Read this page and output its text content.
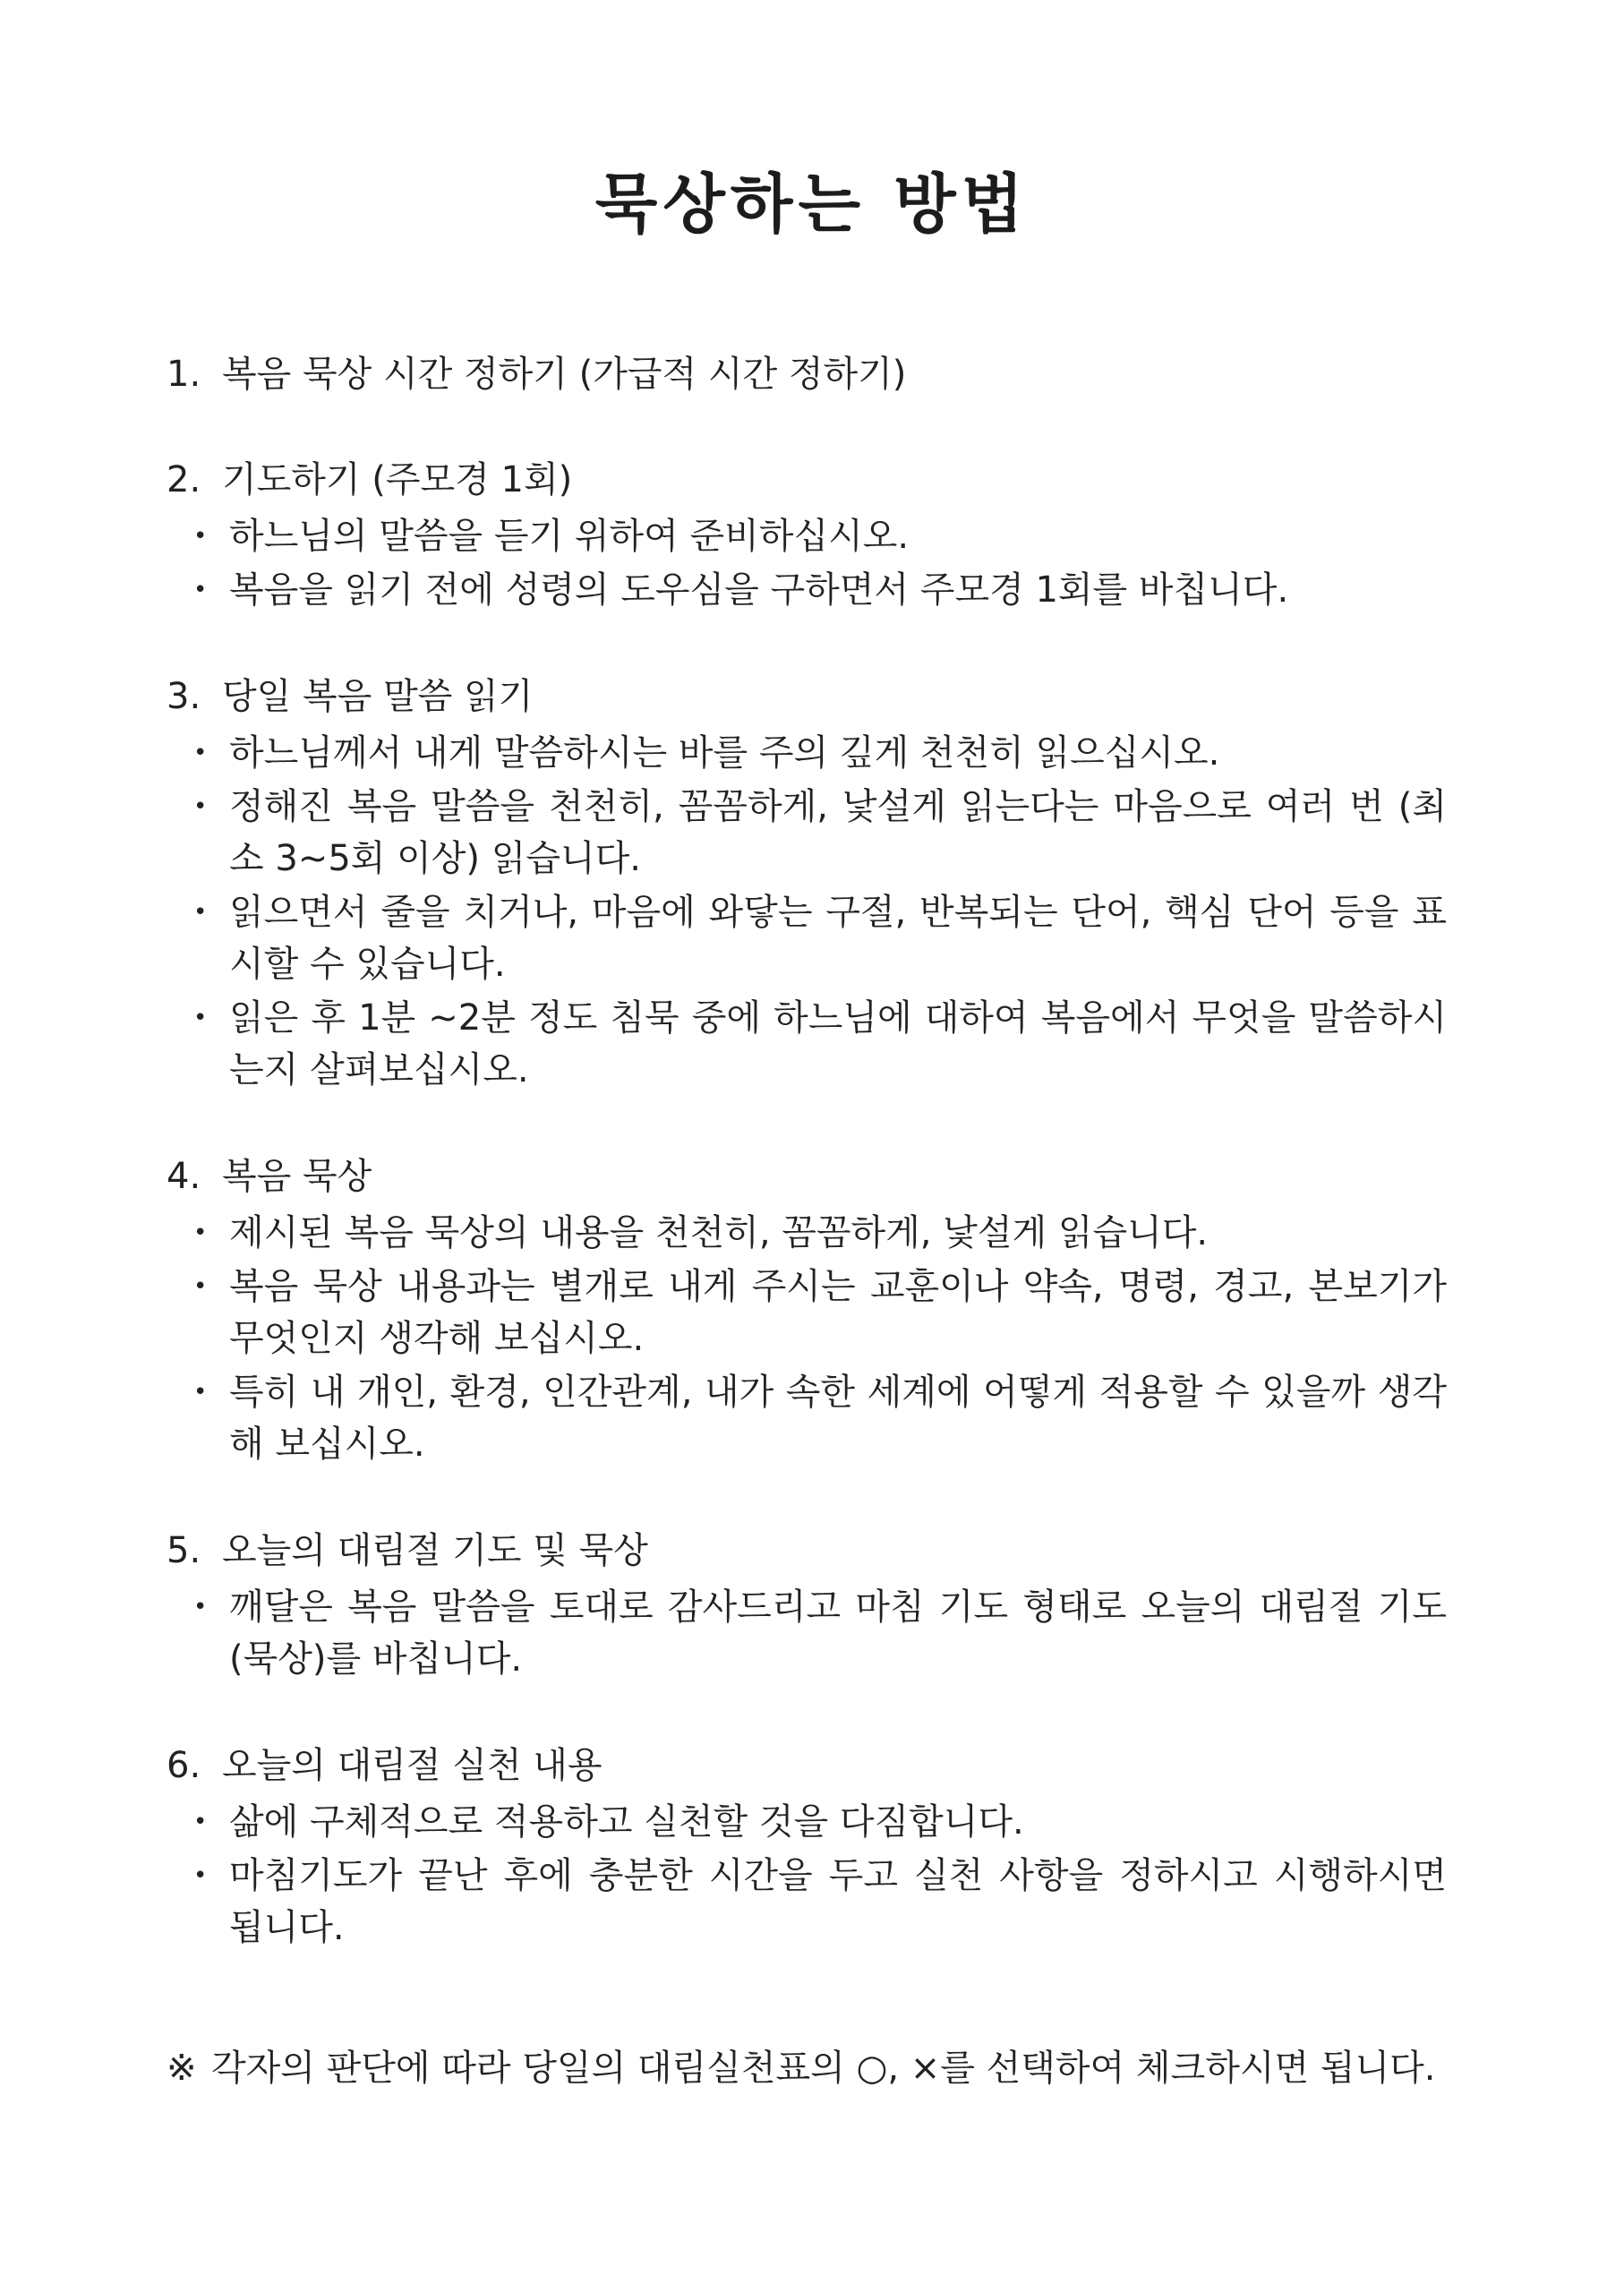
묵상하는 방법
1. 복음 묵상 시간 정하기 (가급적 시간 정하기)
2. 기도하기 (주모경 1회)
• 하느님의 말씀을 듣기 위하여 준비하십시오.
• 복음을 읽기 전에 성령의 도우심을 구하면서 주모경 1회를 바칩니다.
3. 당일 복음 말씀 읽기
• 하느님께서 내게 말씀하시는 바를 주의 깊게 천천히 읽으십시오.
• 정해진 복음 말씀을 천천히, 꼼꼼하게, 낯설게 읽는다는 마음으로 여러 번 (최소 3~5회 이상) 읽습니다.
• 읽으면서 줄을 치거나, 마음에 와닿는 구절, 반복되는 단어, 핵심 단어 등을 표시할 수 있습니다.
• 읽은 후 1분 ~2분 정도 침묵 중에 하느님에 대하여 복음에서 무엇을 말씀하시는지 살펴보십시오.
4. 복음 묵상
• 제시된 복음 묵상의 내용을 천천히, 꼼꼼하게, 낯설게 읽습니다.
• 복음 묵상 내용과는 별개로 내게 주시는 교훈이나 약속, 명령, 경고, 본보기가 무엇인지 생각해 보십시오.
• 특히 내 개인, 환경, 인간관계, 내가 속한 세계에 어떻게 적용할 수 있을까 생각해 보십시오.
5. 오늘의 대림절 기도 및 묵상
• 깨달은 복음 말씀을 토대로 감사드리고 마침 기도 형태로 오늘의 대림절 기도(묵상)를 바칩니다.
6. 오늘의 대림절 실천 내용
• 삶에 구체적으로 적용하고 실천할 것을 다짐합니다.
• 마침기도가 끝난 후에 충분한 시간을 두고 실천 사항을 정하시고 시행하시면 됩니다.
※ 각자의 판단에 따라 당일의 대림실천표의 ○, ×를 선택하여 체크하시면 됩니다.
